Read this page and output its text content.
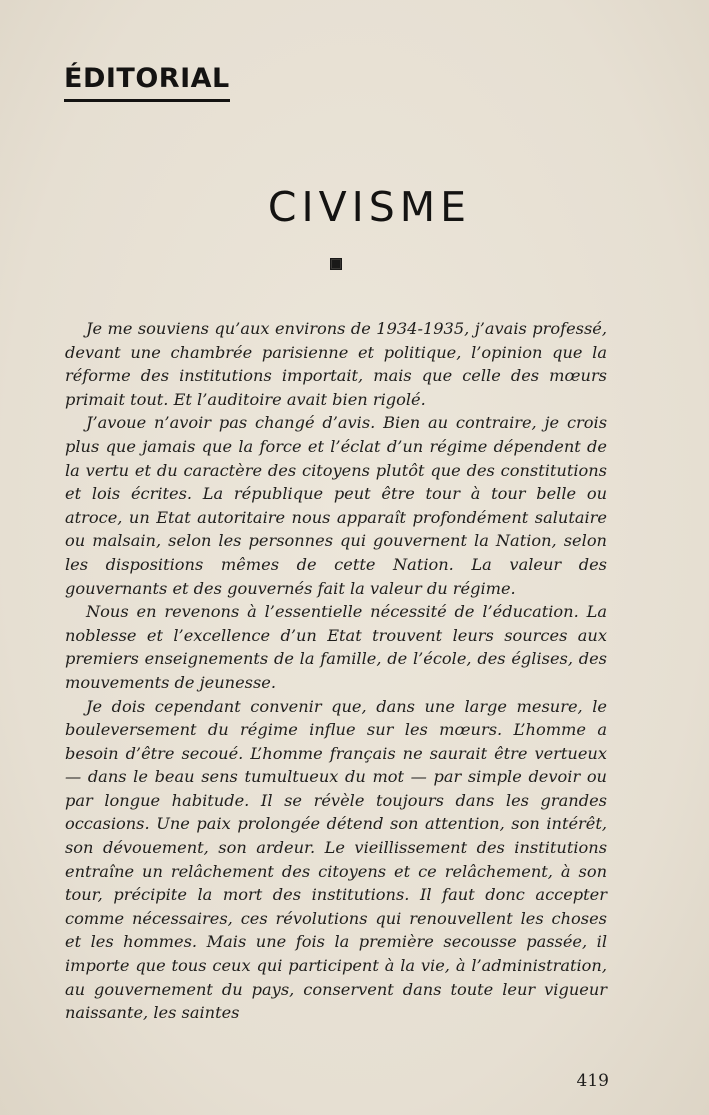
ÉDITORIAL
CIVISME

Je me souviens qu’aux environs de 1934-1935, j’avais professé, devant une chambrée parisienne et politique, l’opinion que la réforme des institutions importait, mais que celle des mœurs primait tout. Et l’auditoire avait bien rigolé.

J’avoue n’avoir pas changé d’avis. Bien au contraire, je crois plus que jamais que la force et l’éclat d’un régime dépendent de la vertu et du caractère des citoyens plutôt que des constitutions et lois écrites. La république peut être tour à tour belle ou atroce, un Etat autoritaire nous apparaît profondément salutaire ou malsain, selon les personnes qui gouvernent la Nation, selon les dispositions mêmes de cette Nation. La valeur des gouvernants et des gouvernés fait la valeur du régime.

Nous en revenons à l’essentielle nécessité de l’éducation. La noblesse et l’excellence d’un Etat trouvent leurs sources aux premiers enseignements de la famille, de l’école, des églises, des mouvements de jeunesse.

Je dois cependant convenir que, dans une large mesure, le bouleversement du régime influe sur les mœurs. L’homme a besoin d’être secoué. L’homme français ne saurait être vertueux — dans le beau sens tumultueux du mot — par simple devoir ou par longue habitude. Il se révèle toujours dans les grandes occasions. Une paix prolongée détend son attention, son intérêt, son dévouement, son ardeur. Le vieillissement des institutions entraîne un relâchement des citoyens et ce relâchement, à son tour, précipite la mort des institutions. Il faut donc accepter comme nécessaires, ces révolutions qui renouvellent les choses et les hommes. Mais une fois la première secousse passée, il importe que tous ceux qui participent à la vie, à l’administration, au gouvernement du pays, conservent dans toute leur vigueur naissante, les saintes

419
